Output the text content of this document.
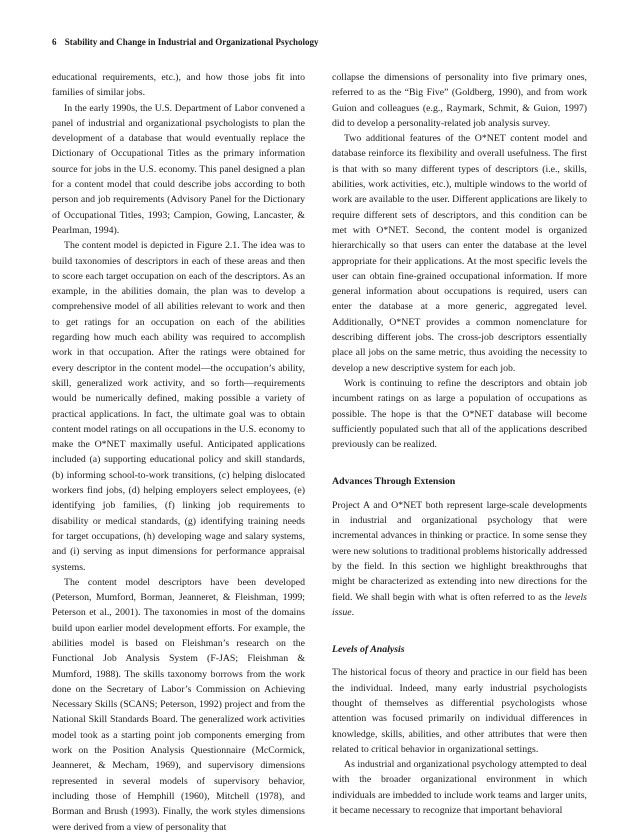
6 Stability and Change in Industrial and Organizational Psychology

educational requirements, etc.), and how those jobs fit into families of similar jobs.

In the early 1990s, the U.S. Department of Labor convened a panel of industrial and organizational psychologists to plan the development of a database that would eventually replace the Dictionary of Occupational Titles as the primary information source for jobs in the U.S. economy. This panel designed a plan for a content model that could describe jobs according to both person and job requirements (Advisory Panel for the Dictionary of Occupational Titles, 1993; Campion, Gowing, Lancaster, & Pearlman, 1994).

The content model is depicted in Figure 2.1. The idea was to build taxonomies of descriptors in each of these areas and then to score each target occupation on each of the descriptors. As an example, in the abilities domain, the plan was to develop a comprehensive model of all abilities relevant to work and then to get ratings for an occupation on each of the abilities regarding how much each ability was required to accomplish work in that occupation. After the ratings were obtained for every descriptor in the content model—the occupation’s ability, skill, generalized work activity, and so forth—requirements would be numerically defined, making possible a variety of practical applications. In fact, the ultimate goal was to obtain content model ratings on all occupations in the U.S. economy to make the O*NET maximally useful. Anticipated applications included (a) supporting educational policy and skill standards, (b) informing school-to-work transitions, (c) helping dislocated workers find jobs, (d) helping employers select employees, (e) identifying job families, (f) linking job requirements to disability or medical standards, (g) identifying training needs for target occupations, (h) developing wage and salary systems, and (i) serving as input dimensions for performance appraisal systems.

The content model descriptors have been developed (Peterson, Mumford, Borman, Jeanneret, & Fleishman, 1999; Peterson et al., 2001). The taxonomies in most of the domains build upon earlier model development efforts. For example, the abilities model is based on Fleishman’s research on the Functional Job Analysis System (F-JAS; Fleishman & Mumford, 1988). The skills taxonomy borrows from the work done on the Secretary of Labor’s Commission on Achieving Necessary Skills (SCANS; Peterson, 1992) project and from the National Skill Standards Board. The generalized work activities model took as a starting point job components emerging from work on the Position Analysis Questionnaire (McCormick, Jeanneret, & Mecham, 1969), and supervisory dimensions represented in several models of supervisory behavior, including those of Hemphill (1960), Mitchell (1978), and Borman and Brush (1993). Finally, the work styles dimensions were derived from a view of personality that

collapse the dimensions of personality into five primary ones, referred to as the “Big Five” (Goldberg, 1990), and from work Guion and colleagues (e.g., Raymark, Schmit, & Guion, 1997) did to develop a personality-related job analysis survey.

Two additional features of the O*NET content model and database reinforce its flexibility and overall usefulness. The first is that with so many different types of descriptors (i.e., skills, abilities, work activities, etc.), multiple windows to the world of work are available to the user. Different applications are likely to require different sets of descriptors, and this condition can be met with O*NET. Second, the content model is organized hierarchically so that users can enter the database at the level appropriate for their applications. At the most specific levels the user can obtain fine-grained occupational information. If more general information about occupations is required, users can enter the database at a more generic, aggregated level. Additionally, O*NET provides a common nomenclature for describing different jobs. The cross-job descriptors essentially place all jobs on the same metric, thus avoiding the necessity to develop a new descriptive system for each job.

Work is continuing to refine the descriptors and obtain job incumbent ratings on as large a population of occupations as possible. The hope is that the O*NET database will become sufficiently populated such that all of the applications described previously can be realized.

Advances Through Extension

Project A and O*NET both represent large-scale developments in industrial and organizational psychology that were incremental advances in thinking or practice. In some sense they were new solutions to traditional problems historically addressed by the field. In this section we highlight breakthroughs that might be characterized as extending into new directions for the field. We shall begin with what is often referred to as the levels issue.

Levels of Analysis

The historical focus of theory and practice in our field has been the individual. Indeed, many early industrial psychologists thought of themselves as differential psychologists whose attention was focused primarily on individual differences in knowledge, skills, abilities, and other attributes that were then related to critical behavior in organizational settings.

As industrial and organizational psychology attempted to deal with the broader organizational environment in which individuals are imbedded to include work teams and larger units, it became necessary to recognize that important behavioral
